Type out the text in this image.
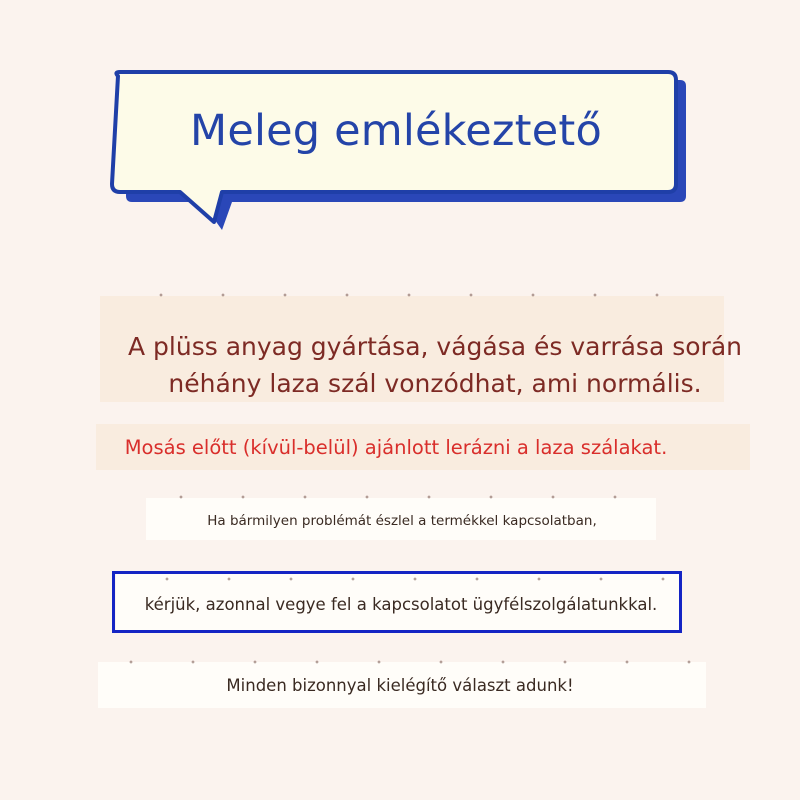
Meleg emlékeztető
A plüss anyag gyártása, vágása és varrása során
néhány laza szál vonzódhat, ami normális.
Mosás előtt (kívül-belül) ajánlott lerázni a laza szálakat.
Ha bármilyen problémát észlel a termékkel kapcsolatban,
kérjük, azonnal vegye fel a kapcsolatot ügyfélszolgálatunkkal.
Minden bizonnyal kielégítő választ adunk!
